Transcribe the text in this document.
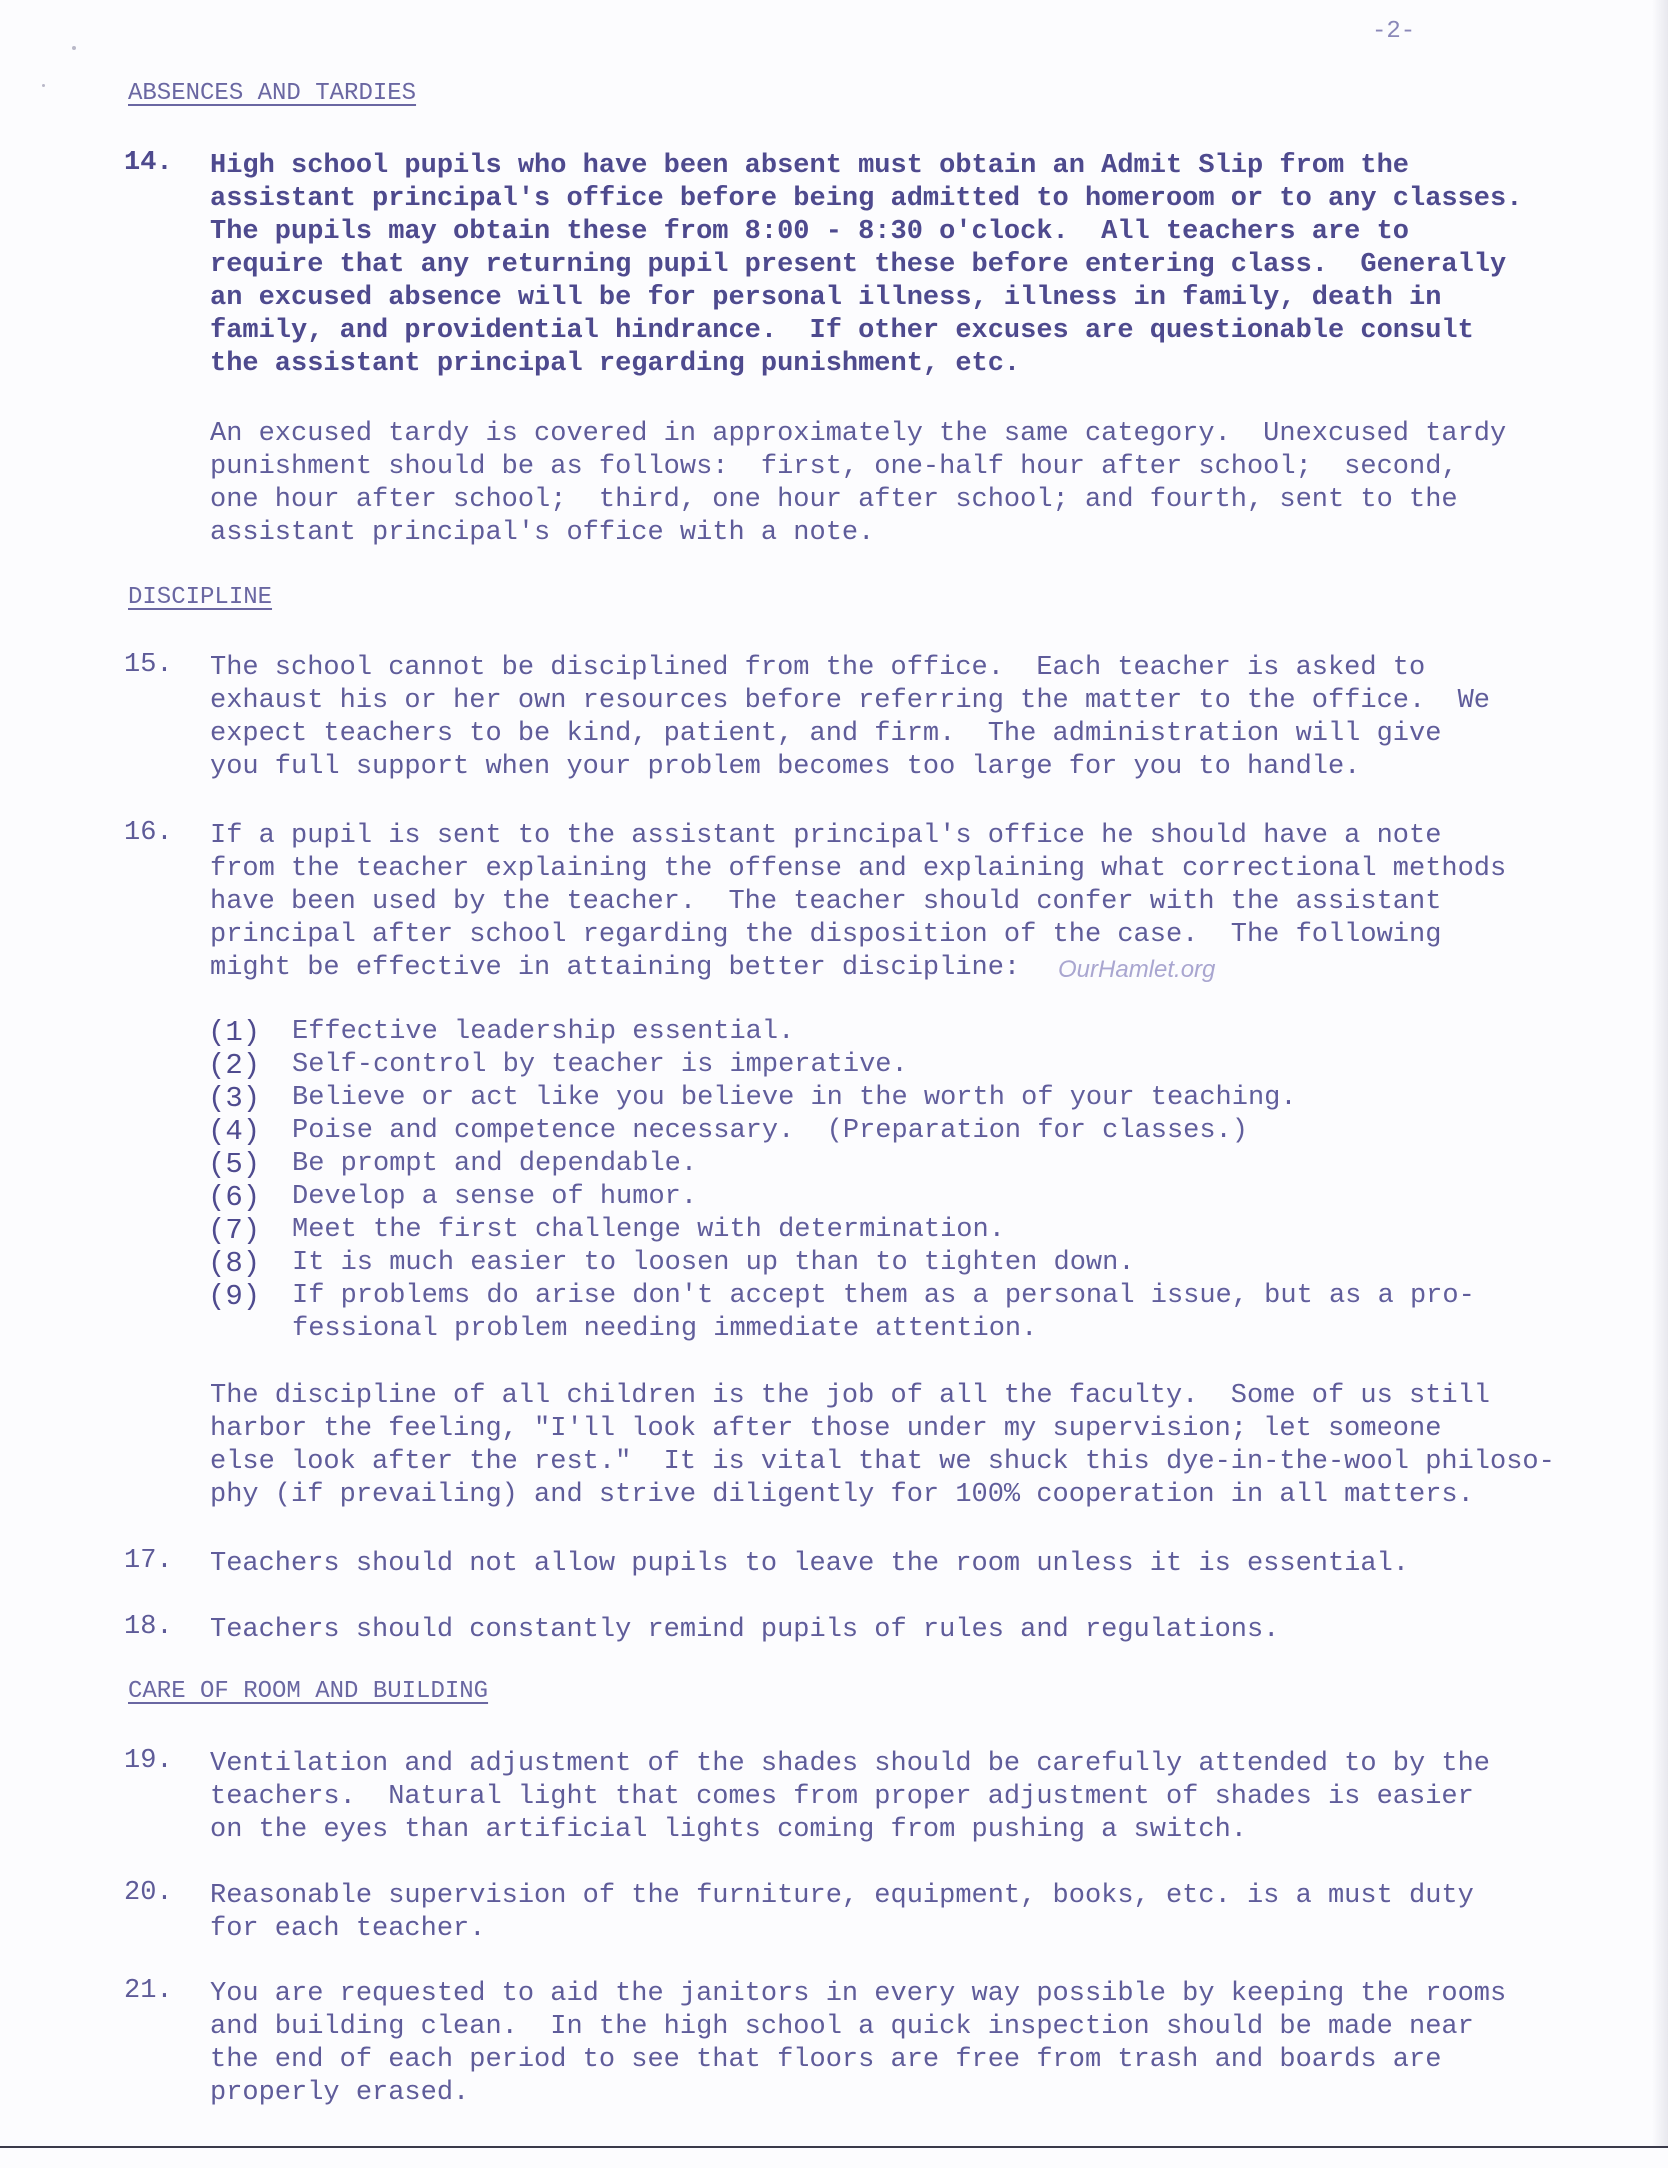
-2-
ABSENCES AND TARDIES
14. High school pupils who have been absent must obtain an Admit Slip from the
assistant principal's office before being admitted to homeroom or to any classes.
The pupils may obtain these from 8:00 - 8:30 o'clock.  All teachers are to
require that any returning pupil present these before entering class.  Generally
an excused absence will be for personal illness, illness in family, death in
family, and providential hindrance.  If other excuses are questionable consult
the assistant principal regarding punishment, etc.

An excused tardy is covered in approximately the same category.  Unexcused tardy
punishment should be as follows:  first, one-half hour after school;  second,
one hour after school;  third, one hour after school; and fourth, sent to the
assistant principal's office with a note.

DISCIPLINE
15. The school cannot be disciplined from the office.  Each teacher is asked to
exhaust his or her own resources before referring the matter to the office.  We
expect teachers to be kind, patient, and firm.  The administration will give
you full support when your problem becomes too large for you to handle.

16. If a pupil is sent to the assistant principal's office he should have a note
from the teacher explaining the offense and explaining what correctional methods
have been used by the teacher.  The teacher should confer with the assistant
principal after school regarding the disposition of the case.  The following
might be effective in attaining better discipline:	OurHamlet.org
(1)	Effective leadership essential.
(2)	Self-control by teacher is imperative.
(3)	Believe or act like you believe in the worth of your teaching.
(4)	Poise and competence necessary.  (Preparation for classes.)
(5)	Be prompt and dependable.
(6)	Develop a sense of humor.
(7)	Meet the first challenge with determination.
(8)	It is much easier to loosen up than to tighten down.
(9)	If problems do arise don't accept them as a personal issue, but as a pro-
fessional problem needing immediate attention.

The discipline of all children is the job of all the faculty.  Some of us still
harbor the feeling, "I'll look after those under my supervision; let someone
else look after the rest."  It is vital that we shuck this dye-in-the-wool philoso-
phy (if prevailing) and strive diligently for 100% cooperation in all matters.

17. Teachers should not allow pupils to leave the room unless it is essential.

18. Teachers should constantly remind pupils of rules and regulations.

CARE OF ROOM AND BUILDING
19. Ventilation and adjustment of the shades should be carefully attended to by the
teachers.  Natural light that comes from proper adjustment of shades is easier
on the eyes than artificial lights coming from pushing a switch.

20. Reasonable supervision of the furniture, equipment, books, etc. is a must duty
for each teacher.

21. You are requested to aid the janitors in every way possible by keeping the rooms
and building clean.  In the high school a quick inspection should be made near
the end of each period to see that floors are free from trash and boards are
properly erased.
